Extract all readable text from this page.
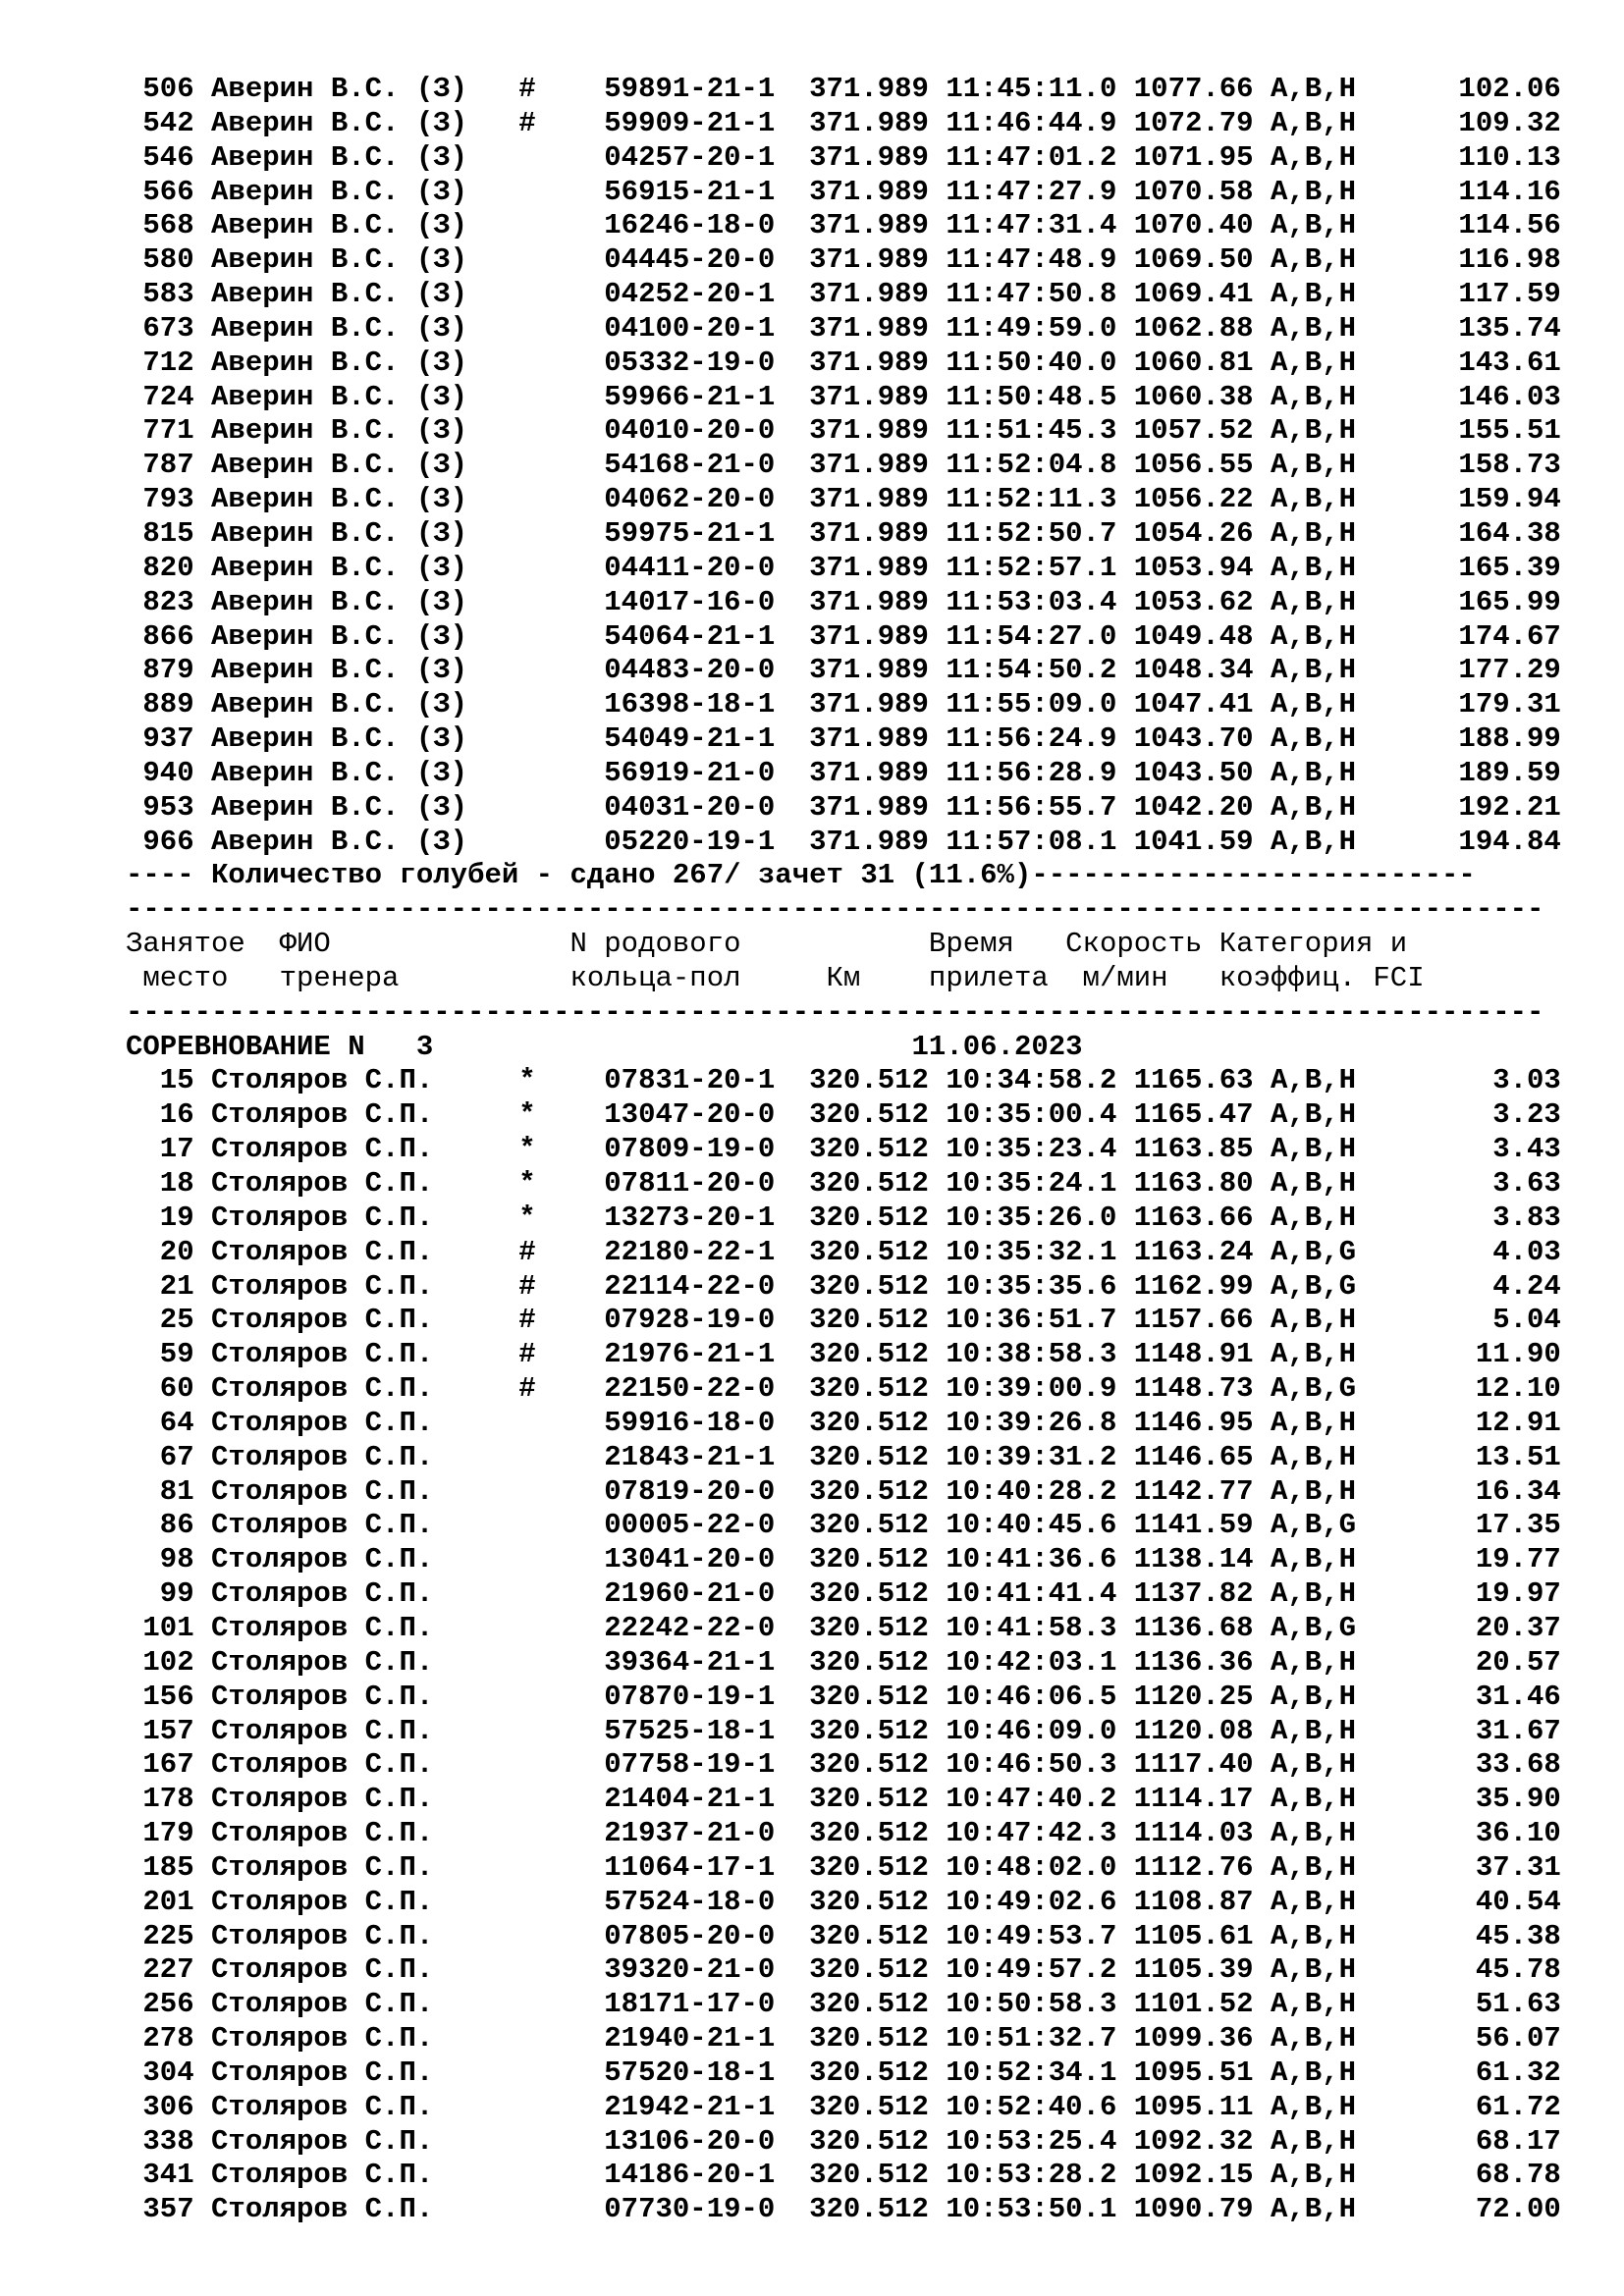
506 Аверин В.С. (З)   #    59891-21-1  371.989 11:45:11.0 1077.66 A,B,H      102.06
542 Аверин В.С. (З)   #    59909-21-1  371.989 11:46:44.9 1072.79 A,B,H      109.32
546 Аверин В.С. (З)        04257-20-1  371.989 11:47:01.2 1071.95 A,B,H      110.13
566 Аверин В.С. (З)        56915-21-1  371.989 11:47:27.9 1070.58 A,B,H      114.16
568 Аверин В.С. (З)        16246-18-0  371.989 11:47:31.4 1070.40 A,B,H      114.56
580 Аверин В.С. (З)        04445-20-0  371.989 11:47:48.9 1069.50 A,B,H      116.98
583 Аверин В.С. (З)        04252-20-1  371.989 11:47:50.8 1069.41 A,B,H      117.59
673 Аверин В.С. (З)        04100-20-1  371.989 11:49:59.0 1062.88 A,B,H      135.74
712 Аверин В.С. (З)        05332-19-0  371.989 11:50:40.0 1060.81 A,B,H      143.61
724 Аверин В.С. (З)        59966-21-1  371.989 11:50:48.5 1060.38 A,B,H      146.03
771 Аверин В.С. (З)        04010-20-0  371.989 11:51:45.3 1057.52 A,B,H      155.51
787 Аверин В.С. (З)        54168-21-0  371.989 11:52:04.8 1056.55 A,B,H      158.73
793 Аверин В.С. (З)        04062-20-0  371.989 11:52:11.3 1056.22 A,B,H      159.94
815 Аверин В.С. (З)        59975-21-1  371.989 11:52:50.7 1054.26 A,B,H      164.38
820 Аверин В.С. (З)        04411-20-0  371.989 11:52:57.1 1053.94 A,B,H      165.39
823 Аверин В.С. (З)        14017-16-0  371.989 11:53:03.4 1053.62 A,B,H      165.99
866 Аверин В.С. (З)        54064-21-1  371.989 11:54:27.0 1049.48 A,B,H      174.67
879 Аверин В.С. (З)        04483-20-0  371.989 11:54:50.2 1048.34 A,B,H      177.29
889 Аверин В.С. (З)        16398-18-1  371.989 11:55:09.0 1047.41 A,B,H      179.31
937 Аверин В.С. (З)        54049-21-1  371.989 11:56:24.9 1043.70 A,B,H      188.99
940 Аверин В.С. (З)        56919-21-0  371.989 11:56:28.9 1043.50 A,B,H      189.59
953 Аверин В.С. (З)        04031-20-0  371.989 11:56:55.7 1042.20 A,B,H      192.21
966 Аверин В.С. (З)        05220-19-1  371.989 11:57:08.1 1041.59 A,B,H      194.84
---- Количество голубей - сдано 267/ зачет 31 (11.6%)--------------------------
-----------------------------------------------------------------------------------
Занятое  ФИО              N родового           Время   Скорость Категория и
место   тренера          кольца-пол     Км    прилета  м/мин   коэффиц. FCI
-----------------------------------------------------------------------------------
СОРЕВНОВАНИЕ N   3                            11.06.2023
15 Столяров С.П.     *    07831-20-1  320.512 10:34:58.2 1165.63 A,B,H        3.03
16 Столяров С.П.     *    13047-20-0  320.512 10:35:00.4 1165.47 A,B,H        3.23
17 Столяров С.П.     *    07809-19-0  320.512 10:35:23.4 1163.85 A,B,H        3.43
18 Столяров С.П.     *    07811-20-0  320.512 10:35:24.1 1163.80 A,B,H        3.63
19 Столяров С.П.     *    13273-20-1  320.512 10:35:26.0 1163.66 A,B,H        3.83
20 Столяров С.П.     #    22180-22-1  320.512 10:35:32.1 1163.24 A,B,G        4.03
21 Столяров С.П.     #    22114-22-0  320.512 10:35:35.6 1162.99 A,B,G        4.24
25 Столяров С.П.     #    07928-19-0  320.512 10:36:51.7 1157.66 A,B,H        5.04
59 Столяров С.П.     #    21976-21-1  320.512 10:38:58.3 1148.91 A,B,H       11.90
60 Столяров С.П.     #    22150-22-0  320.512 10:39:00.9 1148.73 A,B,G       12.10
64 Столяров С.П.          59916-18-0  320.512 10:39:26.8 1146.95 A,B,H       12.91
67 Столяров С.П.          21843-21-1  320.512 10:39:31.2 1146.65 A,B,H       13.51
81 Столяров С.П.          07819-20-0  320.512 10:40:28.2 1142.77 A,B,H       16.34
86 Столяров С.П.          00005-22-0  320.512 10:40:45.6 1141.59 A,B,G       17.35
98 Столяров С.П.          13041-20-0  320.512 10:41:36.6 1138.14 A,B,H       19.77
99 Столяров С.П.          21960-21-0  320.512 10:41:41.4 1137.82 A,B,H       19.97
101 Столяров С.П.          22242-22-0  320.512 10:41:58.3 1136.68 A,B,G       20.37
102 Столяров С.П.          39364-21-1  320.512 10:42:03.1 1136.36 A,B,H       20.57
156 Столяров С.П.          07870-19-1  320.512 10:46:06.5 1120.25 A,B,H       31.46
157 Столяров С.П.          57525-18-1  320.512 10:46:09.0 1120.08 A,B,H       31.67
167 Столяров С.П.          07758-19-1  320.512 10:46:50.3 1117.40 A,B,H       33.68
178 Столяров С.П.          21404-21-1  320.512 10:47:40.2 1114.17 A,B,H       35.90
179 Столяров С.П.          21937-21-0  320.512 10:47:42.3 1114.03 A,B,H       36.10
185 Столяров С.П.          11064-17-1  320.512 10:48:02.0 1112.76 A,B,H       37.31
201 Столяров С.П.          57524-18-0  320.512 10:49:02.6 1108.87 A,B,H       40.54
225 Столяров С.П.          07805-20-0  320.512 10:49:53.7 1105.61 A,B,H       45.38
227 Столяров С.П.          39320-21-0  320.512 10:49:57.2 1105.39 A,B,H       45.78
256 Столяров С.П.          18171-17-0  320.512 10:50:58.3 1101.52 A,B,H       51.63
278 Столяров С.П.          21940-21-1  320.512 10:51:32.7 1099.36 A,B,H       56.07
304 Столяров С.П.          57520-18-1  320.512 10:52:34.1 1095.51 A,B,H       61.32
306 Столяров С.П.          21942-21-1  320.512 10:52:40.6 1095.11 A,B,H       61.72
338 Столяров С.П.          13106-20-0  320.512 10:53:25.4 1092.32 A,B,H       68.17
341 Столяров С.П.          14186-20-1  320.512 10:53:28.2 1092.15 A,B,H       68.78
357 Столяров С.П.          07730-19-0  320.512 10:53:50.1 1090.79 A,B,H       72.00
